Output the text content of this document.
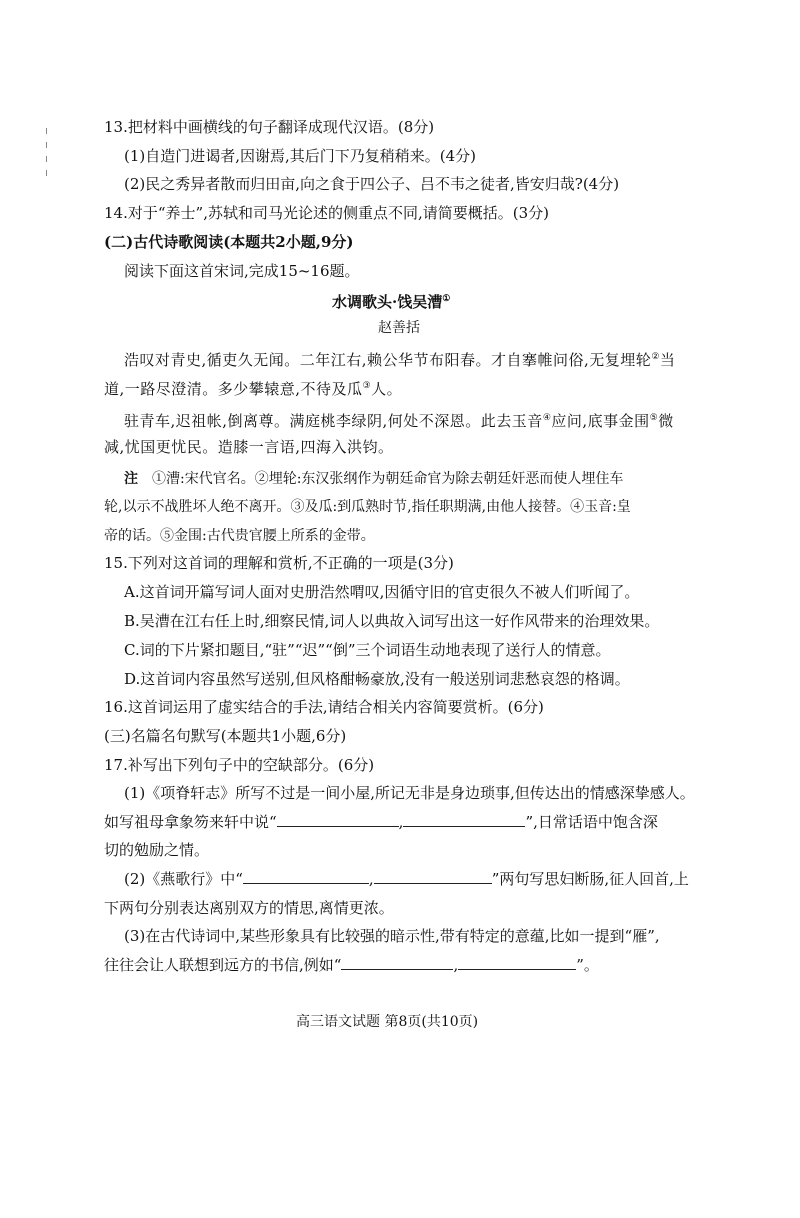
13.把材料中画横线的句子翻译成现代汉语。(8分)
(1)自造门进谒者,因谢焉,其后门下乃复稍稍来。(4分)
(2)民之秀异者散而归田亩,向之食于四公子、吕不韦之徒者,皆安归哉?(4分)
14.对于“养士”,苏轼和司马光论述的侧重点不同,请简要概括。(3分)
(二)古代诗歌阅读(本题共2小题,9分)
阅读下面这首宋词,完成15~16题。
水调歌头·饯吴漕①
赵善括
浩叹对青史,循吏久无闻。二年江右,赖公华节布阳春。才自搴帷问俗,无复埋轮②当
道,一路尽澄清。多少攀辕意,不待及瓜③人。
驻青车,迟祖帐,倒离尊。满庭桃李绿阴,何处不深恩。此去玉音④应问,底事金围⑤微
减,忧国更忧民。造膝一言语,四海入洪钧。
注 ①漕:宋代官名。②埋轮:东汉张纲作为朝廷命官为除去朝廷奸恶而使人埋住车
轮,以示不战胜坏人绝不离开。③及瓜:到瓜熟时节,指任职期满,由他人接替。④玉音:皇
帝的话。⑤金围:古代贵官腰上所系的金带。
15.下列对这首词的理解和赏析,不正确的一项是(3分)
A.这首词开篇写词人面对史册浩然喟叹,因循守旧的官吏很久不被人们听闻了。
B.吴漕在江右任上时,细察民情,词人以典故入词写出这一好作风带来的治理效果。
C.词的下片紧扣题目,“驻”“迟”“倒”三个词语生动地表现了送行人的情意。
D.这首词内容虽然写送别,但风格酣畅豪放,没有一般送别词悲愁哀怨的格调。
16.这首词运用了虚实结合的手法,请结合相关内容简要赏析。(6分)
(三)名篇名句默写(本题共1小题,6分)
17.补写出下列句子中的空缺部分。(6分)
(1)《项脊轩志》所写不过是一间小屋,所记无非是身边琐事,但传达出的情感深挚感人。
如写祖母拿象笏来轩中说“	,	”,日常话语中饱含深
切的勉励之情。
(2)《燕歌行》中“	,	”两句写思妇断肠,征人回首,上
下两句分别表达离别双方的情思,离情更浓。
(3)在古代诗词中,某些形象具有比较强的暗示性,带有特定的意蕴,比如一提到“雁”,
往往会让人联想到远方的书信,例如“	,	”。
高三语文试题 第8页(共10页)
